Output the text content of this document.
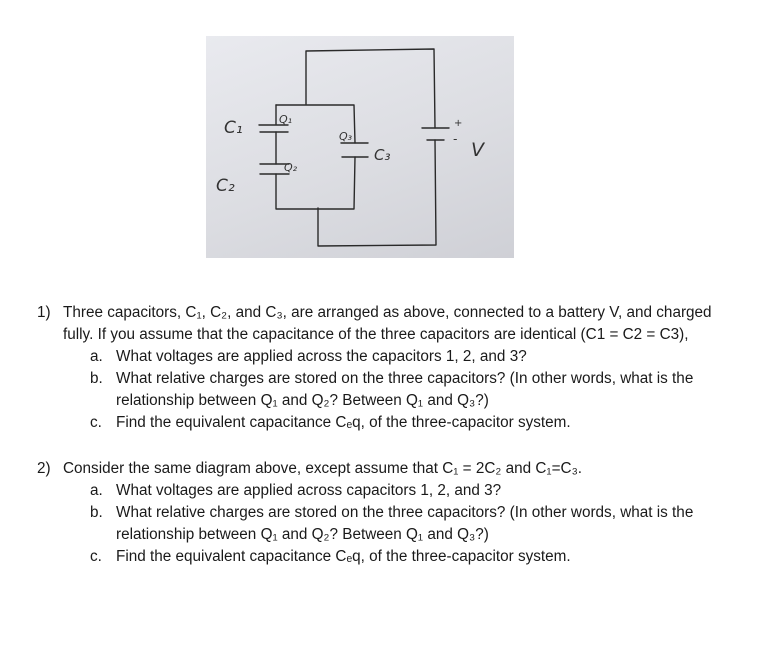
C₁
C₂
C₃
Q₁
Q₂
Q₃
+
- V
1) Three capacitors, C₁, C₂, and C₃, are arranged as above, connected to a battery V, and charged fully. If you assume that the capacitance of the three capacitors are identical (C1 = C2 = C3),
a. What voltages are applied across the capacitors 1, 2, and 3?
b. What relative charges are stored on the three capacitors? (In other words, what is the relationship between Q₁ and Q₂? Between Q₁ and Q₃?)
c. Find the equivalent capacitance Cₑq, of the three-capacitor system.
2) Consider the same diagram above, except assume that C₁ = 2C₂ and C₁=C₃.
a. What voltages are applied across capacitors 1, 2, and 3?
b. What relative charges are stored on the three capacitors? (In other words, what is the relationship between Q₁ and Q₂? Between Q₁ and Q₃?)
c. Find the equivalent capacitance Cₑq, of the three-capacitor system.
